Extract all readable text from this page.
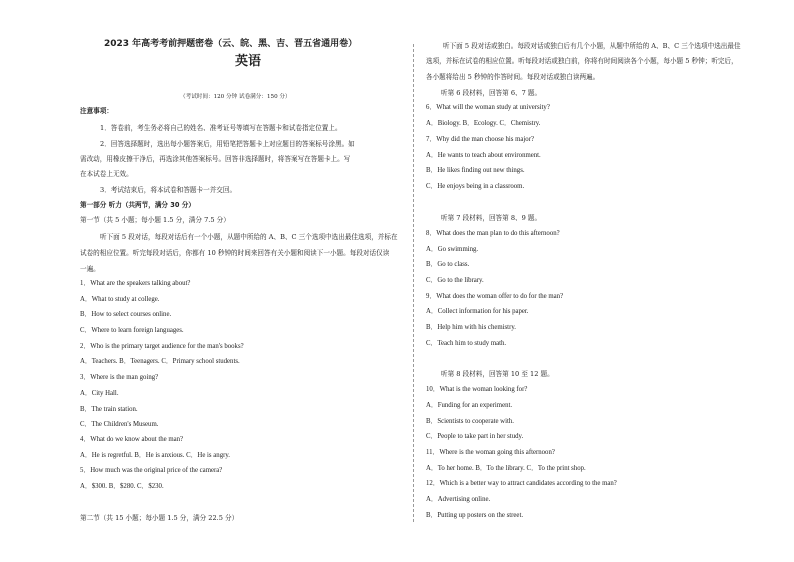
2023 年高考考前押题密卷（云、皖、黑、吉、晋五省通用卷）
英语
（考试时间：120 分钟 试卷满分：150 分）
注意事项：
1．答卷前，考生务必将自己的姓名、准考证号等填写在答题卡和试卷指定位置上。
2．回答选择题时，选出每小题答案后，用铅笔把答题卡上对应题目的答案标号涂黑。如
需改动，用橡皮擦干净后，再选涂其他答案标号。回答非选择题时，将答案写在答题卡上。写
在本试卷上无效。
3．考试结束后，将本试卷和答题卡一并交回。
第一部分 听力（共两节，满分 30 分）
第一节（共 5 小题；每小题 1.5 分，满分 7.5 分）
听下面 5 段对话，每段对话后有一个小题，从题中所给的 A、B、C 三个选项中选出最佳选项，并标在
试卷的相应位置。听完每段对话后，你都有 10 秒钟的时间来回答有关小题和阅读下一小题。每段对话仅读
一遍。
1．What are the speakers talking about?
A．What to study at college.
B．How to select courses online.
C．Where to learn foreign languages.
2．Who is the primary target audience for the man's books?
A．Teachers. B．Teenagers. C．Primary school students.
3．Where is the man going?
A．City Hall.
B．The train station.
C．The Children's Museum.
4．What do we know about the man?
A．He is regretful. B．He is anxious. C．He is angry.
5．How much was the original price of the camera?
A．$300. B．$280. C．$230.
第二节（共 15 小题；每小题 1.5 分，满分 22.5 分）
听下面 5 段对话或独白。每段对话或独白后有几个小题，从题中所给的 A、B、C 三个选项中选出最佳
选项，并标在试卷的相应位置。听每段对话或独白前，你将有时间阅读各个小题，每小题 5 秒钟；听完后，
各小题将给出 5 秒钟的作答时间。每段对话或独白读两遍。
听第 6 段材料，回答第 6、7 题。
6．What will the woman study at university?
A．Biology. B．Ecology. C．Chemistry.
7．Why did the man choose his major?
A．He wants to teach about environment.
B．He likes finding out new things.
C．He enjoys being in a classroom.
听第 7 段材料，回答第 8、9 题。
8．What does the man plan to do this afternoon?
A．Go swimming.
B．Go to class.
C．Go to the library.
9．What does the woman offer to do for the man?
A．Collect information for his paper.
B．Help him with his chemistry.
C．Teach him to study math.
听第 8 段材料，回答第 10 至 12 题。
10．What is the woman looking for?
A．Funding for an experiment.
B．Scientists to cooperate with.
C．People to take part in her study.
11．Where is the woman going this afternoon?
A．To her home. B．To the library. C．To the print shop.
12．Which is a better way to attract candidates according to the man?
A．Advertising online.
B．Putting up posters on the street.
